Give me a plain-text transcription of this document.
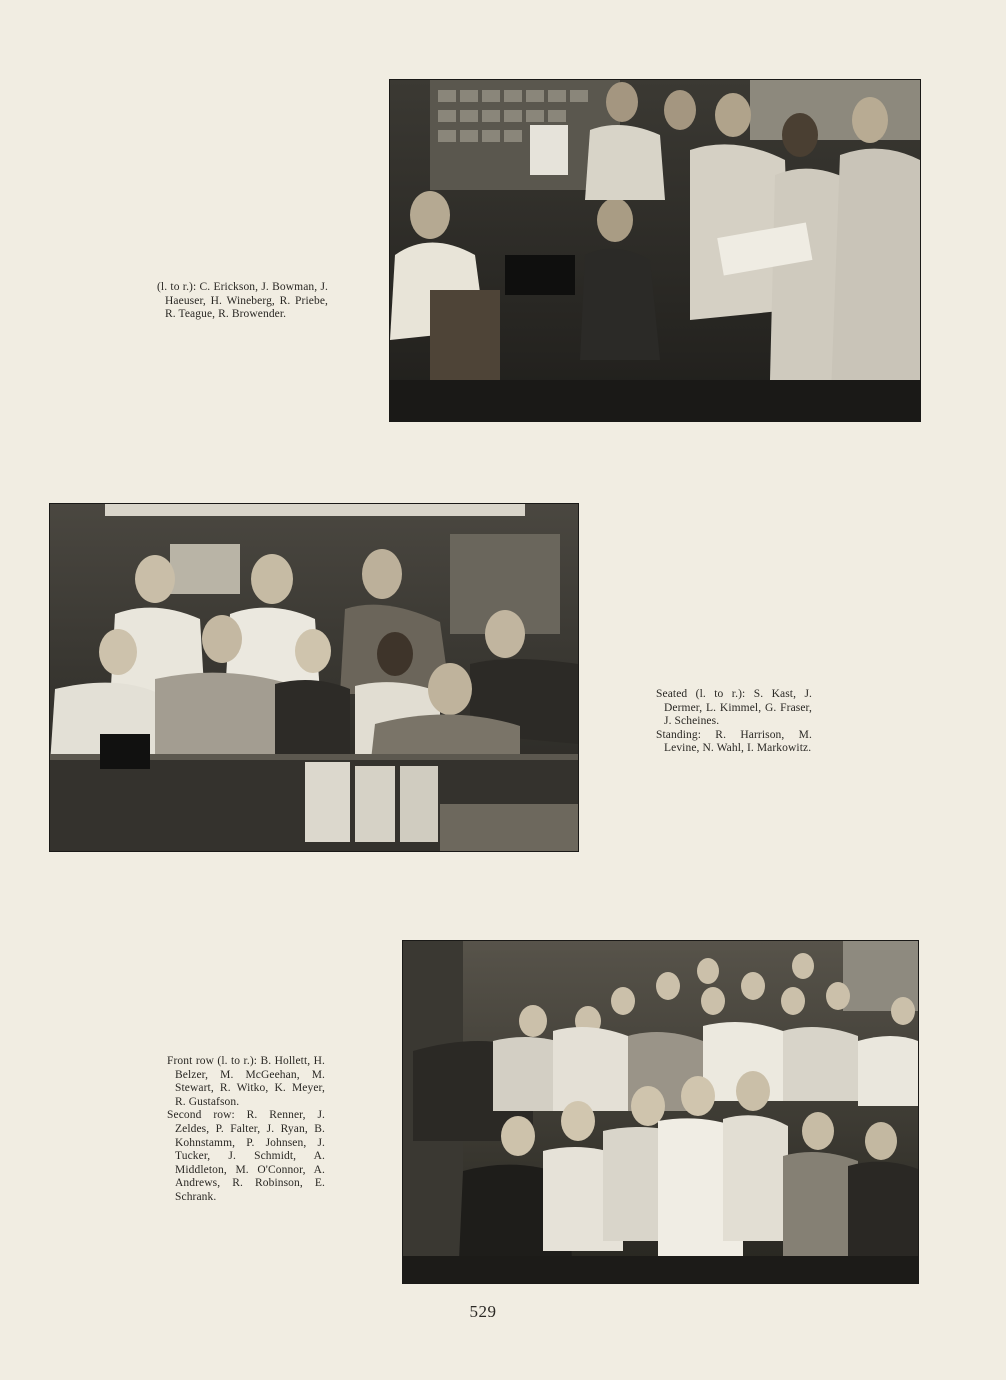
(l. to r.): C. Erickson, J. Bowman, J. Haeuser, H. Wineberg, R. Priebe, R. Teague, R. Browender.

Seated (l. to r.): S. Kast, J. Dermer, L. Kimmel, G. Fraser, J. Scheines.

Standing: R. Harrison, M. Levine, N. Wahl, I. Markowitz.

Front row (l. to r.): B. Hollett, H. Belzer, M. McGeehan, M. Stewart, R. Witko, K. Meyer, R. Gustafson.

Second row: R. Renner, J. Zeldes, P. Falter, J. Ryan, B. Kohnstamm, P. Johnsen, J. Tucker, J. Schmidt, A. Middleton, M. O'Connor, A. Andrews, R. Robinson, E. Schrank.

529
